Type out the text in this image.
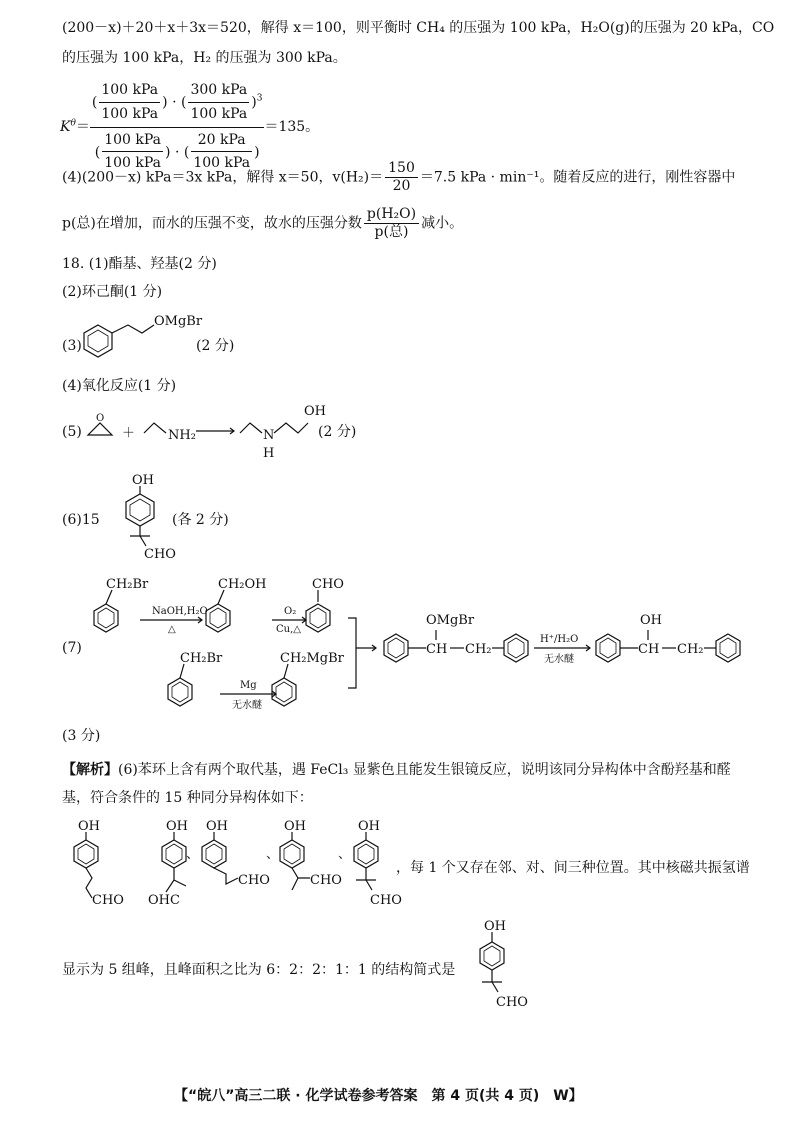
(200－x)＋20＋x＋3x＝520，解得 x＝100，则平衡时 CH₄ 的压强为 100 kPa，H₂O(g)的压强为 20 kPa，CO
的压强为 100 kPa，H₂ 的压强为 300 kPa。
$K^\theta= \frac{( \frac{\text{100 kPa}}{\text{100 kPa}} ) \cdot ( \frac{\text{300 kPa}}{\text{100 kPa}} )^3}{( \frac{\text{100 kPa}}{\text{100 kPa}} ) \cdot ( \frac{\text{20 kPa}}{\text{100 kPa}} )} =135$。
(4)(200－x) kPa＝3x kPa，解得 x＝50，$v(H_2)= \frac{150}{20} =7.5$ kPa · min⁻¹。随着反应的进行，刚性容器中
p(总)在增加，而水的压强不变，故水的压强分数 $\frac{\text{p(H₂O)}}{\text{p(总)}}$ 减小。
18. (1)酯基、羟基(2 分)
(2)环己酮(1 分)
(3)
OMgBr
(2 分)
(4)氧化反应(1 分)
(5)
O
＋	NH₂	N
H
OH
(2 分)
(6)15
OH
CHO
(各 2 分)
(7)
CH₂Br
NaOH,H₂O
△
CH₂OH
O₂
Cu,△
CHO
CH₂Br
Mg
无水醚
CH₂MgBr
CH
OMgBr
CH₂
H⁺/H₂O
无水醚
CH
OH
CH₂
(3 分)
【解析】(6)苯环上含有两个取代基，遇 FeCl₃ 显紫色且能发生银镜反应，说明该同分异构体中含酚羟基和醛
基，符合条件的 15 种同分异构体如下：
OH
CHO
OH
OHC
、
OH
CHO
、
OH
CHO
、
OH
CHO
，每 1 个又存在邻、对、间三种位置。其中核磁共振氢谱
显示为 5 组峰，且峰面积之比为 6：2：2：1：1 的结构简式是
OH
CHO
【“皖八”高三二联 · 化学试卷参考答案　第 4 页(共 4 页)　W】
